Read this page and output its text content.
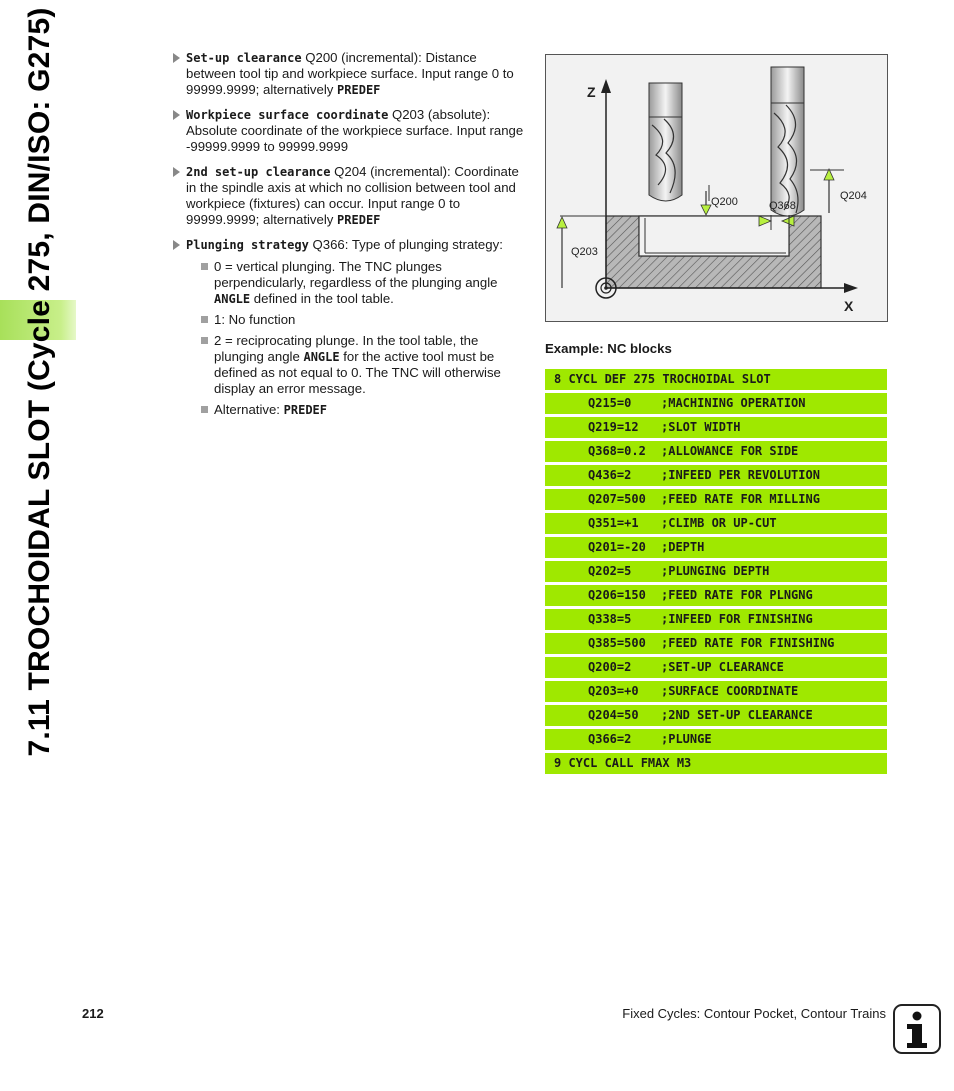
7.11 TROCHOIDAL SLOT (Cycle 275, DIN/ISO: G275)	Set-up clearance Q200 (incremental): Distance between tool tip and workpiece surface. Input range 0 to 99999.9999; alternatively PREDEF
Workpiece surface coordinate Q203 (absolute): Absolute coordinate of the workpiece surface. Input range -99999.9999 to 99999.9999
2nd set-up clearance Q204 (incremental): Coordinate in the spindle axis at which no collision between tool and workpiece (fixtures) can occur. Input range 0 to 99999.9999; alternatively PREDEF
Plunging strategy Q366: Type of plunging strategy:
0 = vertical plunging. The TNC plunges perpendicularly, regardless of the plunging angle ANGLE defined in the tool table.
1: No function
2 = reciprocating plunge. In the tool table, the plunging angle ANGLE for the active tool must be defined as not equal to 0. The TNC will otherwise display an error message.
Alternative: PREDEF
Z
X
Q200	Q368
Q204
Q203
Example: NC blocks
8 CYCL DEF 275 TROCHOIDAL SLOT
Q215=0	;MACHINING OPERATION
Q219=12	;SLOT WIDTH
Q368=0.2	;ALLOWANCE FOR SIDE
Q436=2	;INFEED PER REVOLUTION
Q207=500	;FEED RATE FOR MILLING
Q351=+1	;CLIMB OR UP-CUT
Q201=-20	;DEPTH
Q202=5	;PLUNGING DEPTH
Q206=150	;FEED RATE FOR PLNGNG
Q338=5	;INFEED FOR FINISHING
Q385=500	;FEED RATE FOR FINISHING
Q200=2	;SET-UP CLEARANCE
Q203=+0	;SURFACE COORDINATE
Q204=50	;2ND SET-UP CLEARANCE
Q366=2	;PLUNGE
9 CYCL CALL FMAX M3
212	Fixed Cycles: Contour Pocket, Contour Trains
